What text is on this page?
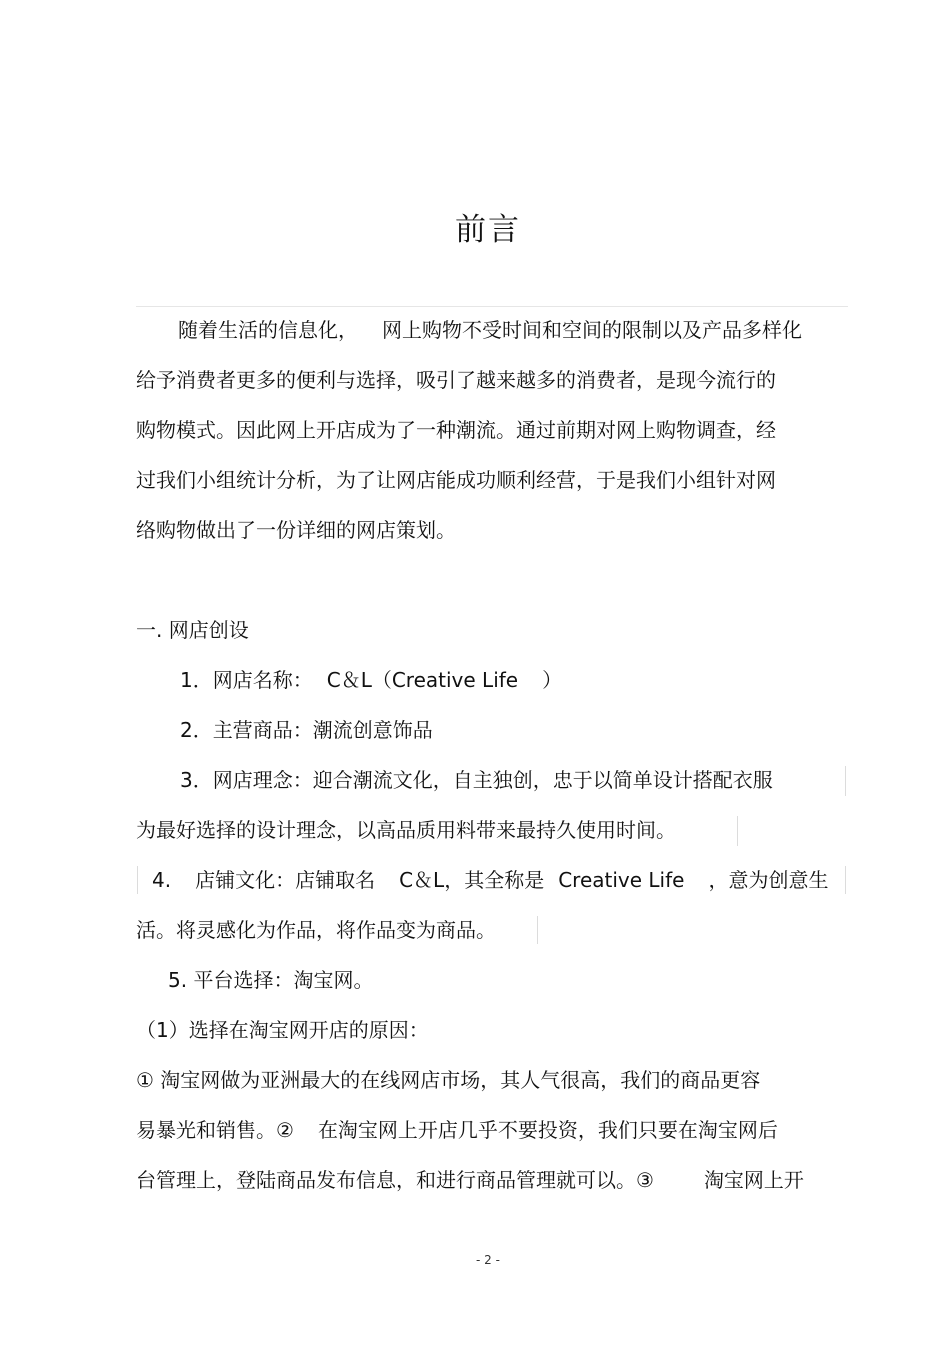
前言
随着生活的信息化， 网上购物不受时间和空间的限制以及产品多样化
给予消费者更多的便利与选择，吸引了越来越多的消费者，是现今流行的
购物模式。因此网上开店成为了一种潮流。通过前期对网上购物调查，经
过我们小组统计分析，为了让网店能成功顺利经营，于是我们小组针对网
络购物做出了一份详细的网店策划。
一. 网店创设
1．网店名称： C＆L（Creative Life ）
2．主营商品：潮流创意饰品
3．网店理念：迎合潮流文化，自主独创，忠于以简单设计搭配衣服
为最好选择的设计理念，以高品质用料带来最持久使用时间。
4. 店铺文化：店铺取名 C＆L，其全称是 Creative Life ，意为创意生
活。将灵感化为作品，将作品变为商品。
5. 平台选择：淘宝网。
（1）选择在淘宝网开店的原因：
① 淘宝网做为亚洲最大的在线网店市场，其人气很高，我们的商品更容
易暴光和销售。② 在淘宝网上开店几乎不要投资，我们只要在淘宝网后
台管理上，登陆商品发布信息，和进行商品管理就可以。③	淘宝网上开
- 2 -
